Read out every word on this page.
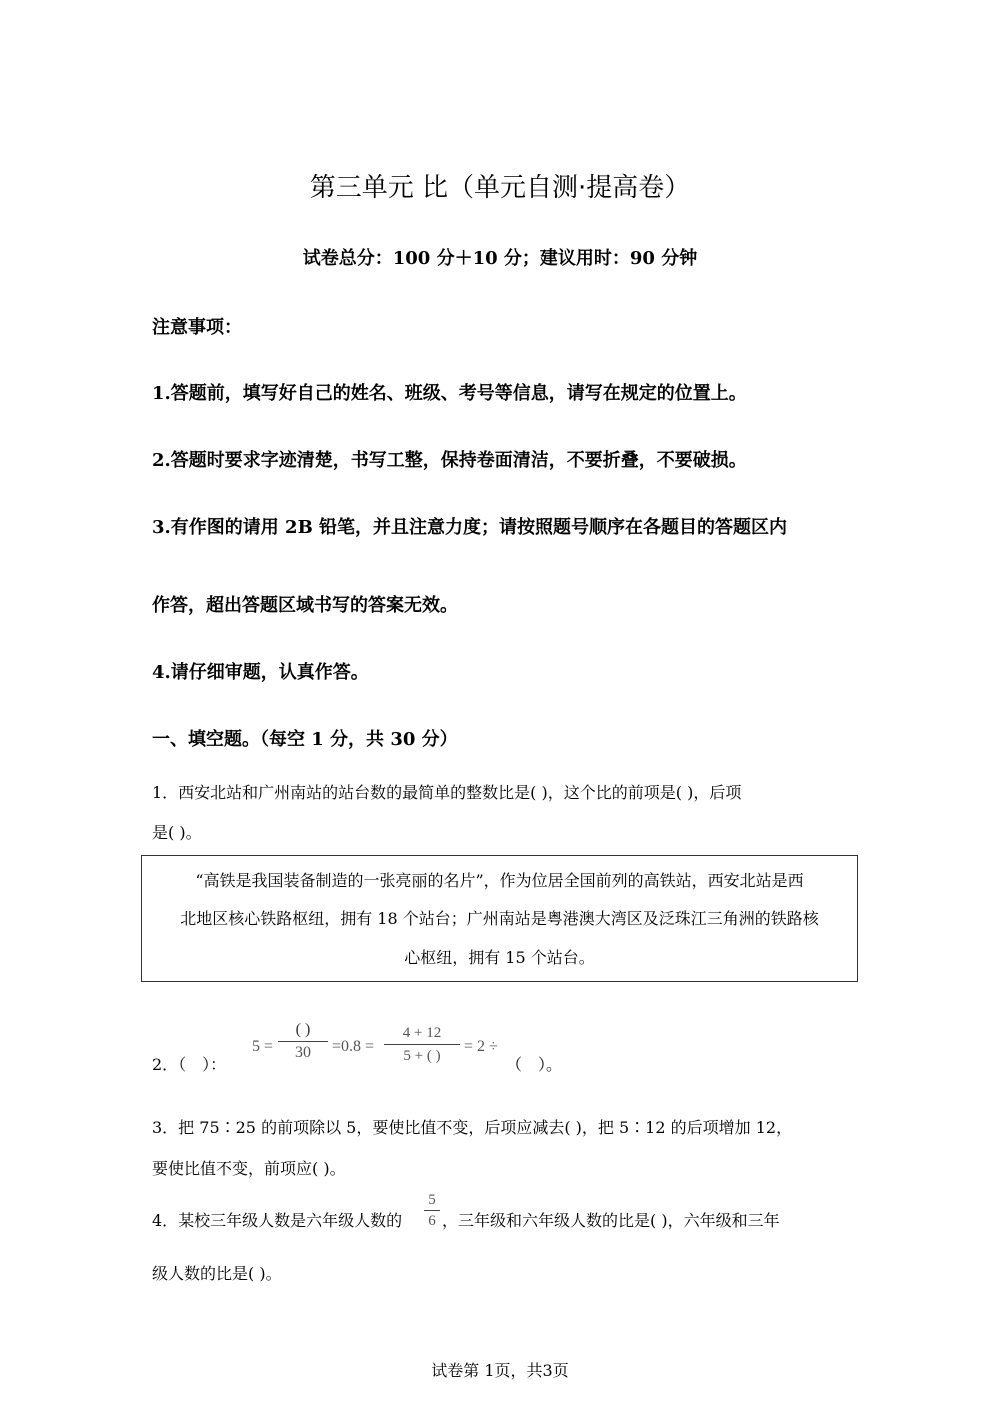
第三单元 比（单元自测·提高卷）
试卷总分：100 分＋10 分；建议用时：90 分钟
注意事项：
1.答题前，填写好自己的姓名、班级、考号等信息，请写在规定的位置上。
2.答题时要求字迹清楚，书写工整，保持卷面清洁，不要折叠，不要破损。
3.有作图的请用 2B 铅笔，并且注意力度；请按照题号顺序在各题目的答题区内
作答，超出答题区域书写的答案无效。
4.请仔细审题，认真作答。
一、填空题。（每空 1 分，共 30 分）
1．西安北站和广州南站的站台数的最简单的整数比是( )，这个比的前项是( )，后项
是( )。
“高铁是我国装备制造的一张亮丽的名片”，作为位居全国前列的高铁站，西安北站是西
北地区核心铁路枢纽，拥有 18 个站台；广州南站是粤港澳大湾区及泛珠江三角洲的铁路核
心枢纽，拥有 15 个站台。
2．（　）：
5 =
( )
30	=0.8 =
4 + 12
5 + ( )
= 2 ÷
（　）。
3．把 75∶25 的前项除以 5，要使比值不变，后项应减去( )，把 5∶12 的后项增加 12，
要使比值不变，前项应( )。
4．某校三年级人数是六年级人数的
5
6 ，三年级和六年级人数的比是( )，六年级和三年
级人数的比是( )。
试卷第 1页，共3页
